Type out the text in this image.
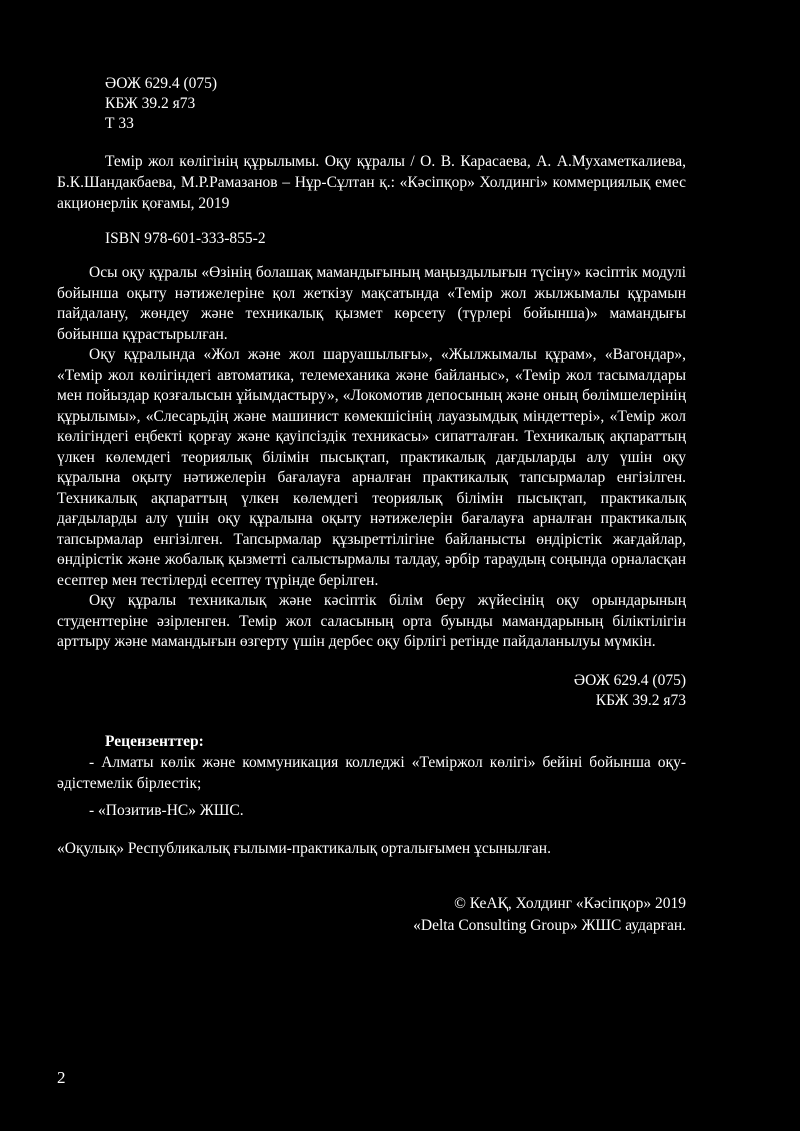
ӘОЖ 629.4 (075)
КБЖ 39.2 я73
Т 33
Темір жол көлігінің құрылымы. Оқу құралы / О. В. Карасаева, А. А.Мухаметкалиева, Б.К.Шандакбаева, М.Р.Рамазанов – Нұр-Сұлтан қ.: «Кәсіпқор» Холдингі» коммерциялық емес акционерлік қоғамы, 2019
ISBN 978-601-333-855-2

Осы оқу құралы «Өзінің болашақ мамандығының маңыздылығын түсіну» кәсіптік модулі бойынша оқыту нәтижелеріне қол жеткізу мақсатында «Темір жол жылжымалы құрамын пайдалану, жөндеу және техникалық қызмет көрсету (түрлері бойынша)» мамандығы бойынша құрастырылған.

Оқу құралында «Жол және жол шаруашылығы», «Жылжымалы құрам», «Вагондар», «Темір жол көлігіндегі автоматика, телемеханика және байланыс», «Темір жол тасымалдары мен пойыздар қозғалысын ұйымдастыру», «Локомотив депосының және оның бөлімшелерінің құрылымы», «Слесарьдің және машинист көмекшісінің лауазымдық міндеттері», «Темір жол көлігіндегі еңбекті қорғау және қауіпсіздік техникасы» сипатталған. Техникалық ақпараттың үлкен көлемдегі теориялық білімін пысықтап, практикалық дағдыларды алу үшін оқу құралына оқыту нәтижелерін бағалауға арналған практикалық тапсырмалар енгізілген. Техникалық ақпараттың үлкен көлемдегі теориялық білімін пысықтап, практикалық дағдыларды алу үшін оқу құралына оқыту нәтижелерін бағалауға арналған практикалық тапсырмалар енгізілген. Тапсырмалар құзыреттілігіне байланысты өндірістік жағдайлар, өндірістік және жобалық қызметті салыстырмалы талдау, әрбір тараудың соңында орналасқан есептер мен тестілерді есептеу түрінде берілген.

Оқу құралы техникалық және кәсіптік білім беру жүйесінің оқу орындарының студенттеріне әзірленген. Темір жол саласының орта буынды мамандарының біліктілігін арттыру және мамандығын өзгерту үшін дербес оқу бірлігі ретінде пайдаланылуы мүмкін.

ӘОЖ 629.4 (075)
КБЖ 39.2 я73
Рецензенттер:

- Алматы көлік және коммуникация колледжі «Теміржол көлігі» бейіні бойынша оқу-әдістемелік бірлестік;

- «Позитив-НС» ЖШС.

«Оқулық» Республикалық ғылыми-практикалық орталығымен ұсынылған.
© КеАҚ, Холдинг «Кәсіпқор» 2019
«Delta Consulting Group» ЖШС аударған.
2
